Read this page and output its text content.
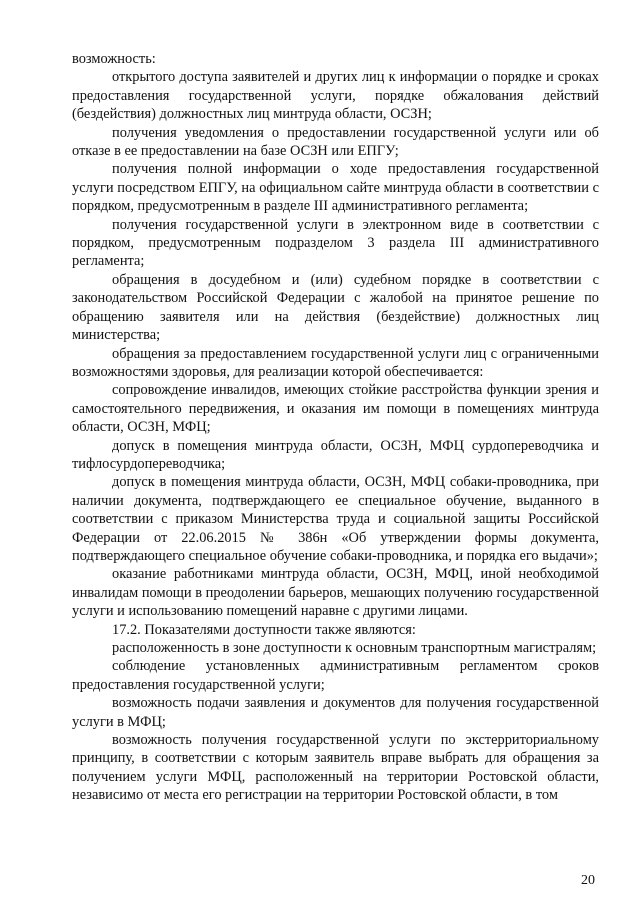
возможность:

открытого доступа заявителей и других лиц к информации о порядке и сроках предоставления государственной услуги, порядке обжалования действий (бездействия) должностных лиц минтруда области, ОСЗН;

получения уведомления о предоставлении государственной услуги или об отказе в ее предоставлении на базе ОСЗН или ЕПГУ;

получения полной информации о ходе предоставления государственной услуги посредством ЕПГУ, на официальном сайте минтруда области в соответствии с порядком, предусмотренным в разделе III административного регламента;

получения государственной услуги в электронном виде в соответствии с порядком, предусмотренным подразделом 3 раздела III административного регламента;

обращения в досудебном и (или) судебном порядке в соответствии с законодательством Российской Федерации с жалобой на принятое решение по обращению заявителя или на действия (бездействие) должностных лиц министерства;

обращения за предоставлением государственной услуги лиц с ограниченными возможностями здоровья, для реализации которой обеспечивается:

сопровождение инвалидов, имеющих стойкие расстройства функции зрения и самостоятельного передвижения, и оказания им помощи в помещениях минтруда области, ОСЗН, МФЦ;

допуск в помещения минтруда области, ОСЗН, МФЦ сурдопереводчика и тифлосурдопереводчика;

допуск в помещения минтруда области, ОСЗН, МФЦ собаки-проводника, при наличии документа, подтверждающего ее специальное обучение, выданного в соответствии с приказом Министерства труда и социальной защиты Российской Федерации от 22.06.2015 № 386н «Об утверждении формы документа, подтверждающего специальное обучение собаки-проводника, и порядка его выдачи»;

оказание работниками минтруда области, ОСЗН, МФЦ, иной необходимой инвалидам помощи в преодолении барьеров, мешающих получению государственной услуги и использованию помещений наравне с другими лицами.

17.2. Показателями доступности также являются:

расположенность в зоне доступности к основным транспортным магистралям;

соблюдение установленных административным регламентом сроков предоставления государственной услуги;

возможность подачи заявления и документов для получения государственной услуги в МФЦ;

возможность получения государственной услуги по экстерриториальному принципу, в соответствии с которым заявитель вправе выбрать для обращения за получением услуги МФЦ, расположенный на территории Ростовской области, независимо от места его регистрации на территории Ростовской области, в том

20
